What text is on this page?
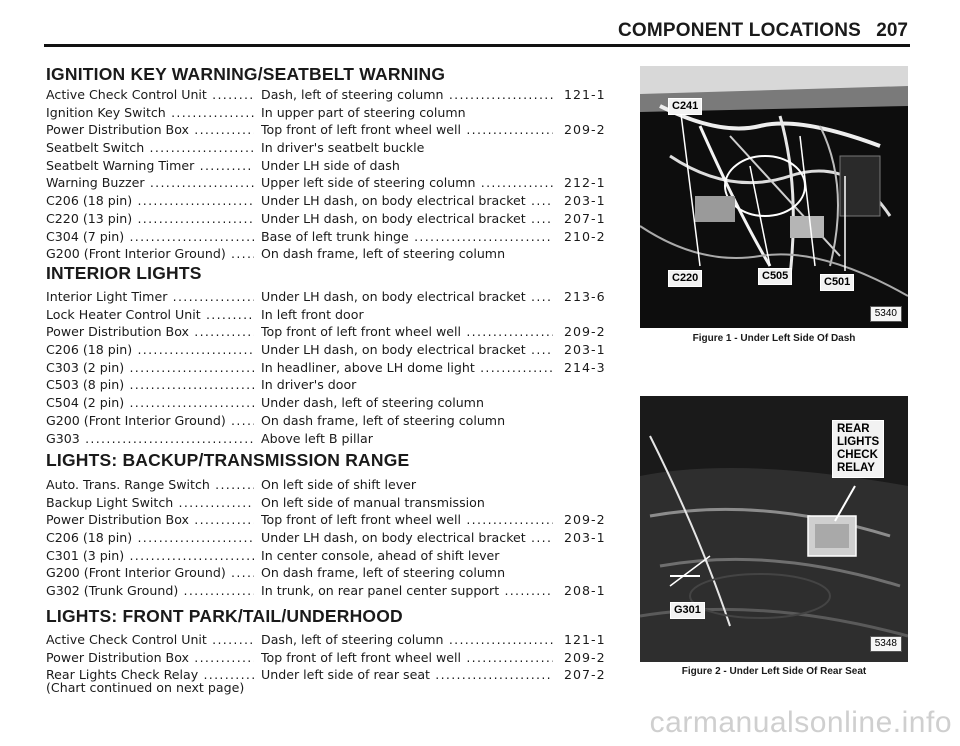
COMPONENT LOCATIONS 207
IGNITION KEY WARNING/SEATBELT WARNING
Active Check Control Unit .....	Dash, left of steering column .....	121-1
Ignition Key Switch .....	In upper part of steering column
Power Distribution Box .....	Top front of left front wheel well .....	209-2
Seatbelt Switch .....	In driver's seatbelt buckle
Seatbelt Warning Timer .....	Under LH side of dash
Warning Buzzer .....	Upper left side of steering column .....	212-1
C206 (18 pin) .....	Under LH dash, on body electrical bracket .....	203-1
C220 (13 pin) .....	Under LH dash, on body electrical bracket .....	207-1
C304 (7 pin) .....	Base of left trunk hinge .....	210-2
G200 (Front Interior Ground) .....	On dash frame, left of steering column
INTERIOR LIGHTS
Interior Light Timer .....	Under LH dash, on body electrical bracket .....	213-6
Lock Heater Control Unit .....	In left front door
Power Distribution Box .....	Top front of left front wheel well .....	209-2
C206 (18 pin) .....	Under LH dash, on body electrical bracket .....	203-1
C303 (2 pin) .....	In headliner, above LH dome light .....	214-3
C503 (8 pin) .....	In driver's door
C504 (2 pin) .....	Under dash, left of steering column
G200 (Front Interior Ground) .....	On dash frame, left of steering column
G303 .....	Above left B pillar
LIGHTS: BACKUP/TRANSMISSION RANGE
Auto. Trans. Range Switch .....	On left side of shift lever
Backup Light Switch .....	On left side of manual transmission
Power Distribution Box .....	Top front of left front wheel well .....	209-2
C206 (18 pin) .....	Under LH dash, on body electrical bracket .....	203-1
C301 (3 pin) .....	In center console, ahead of shift lever
G200 (Front Interior Ground) .....	On dash frame, left of steering column
G302 (Trunk Ground) .....	In trunk, on rear panel center support .....	208-1
LIGHTS: FRONT PARK/TAIL/UNDERHOOD
Active Check Control Unit .....	Dash, left of steering column .....	121-1
Power Distribution Box .....	Top front of left front wheel well .....	209-2
Rear Lights Check Relay .....	Under left side of rear seat .....	207-2
(Chart continued on next page)
C241
C220	C505	C501
5340
Figure 1 - Under Left Side Of Dash
REAR
LIGHTS
CHECK
RELAY
G301
5348
Figure 2 - Under Left Side Of Rear Seat
carmanualsonline.info
